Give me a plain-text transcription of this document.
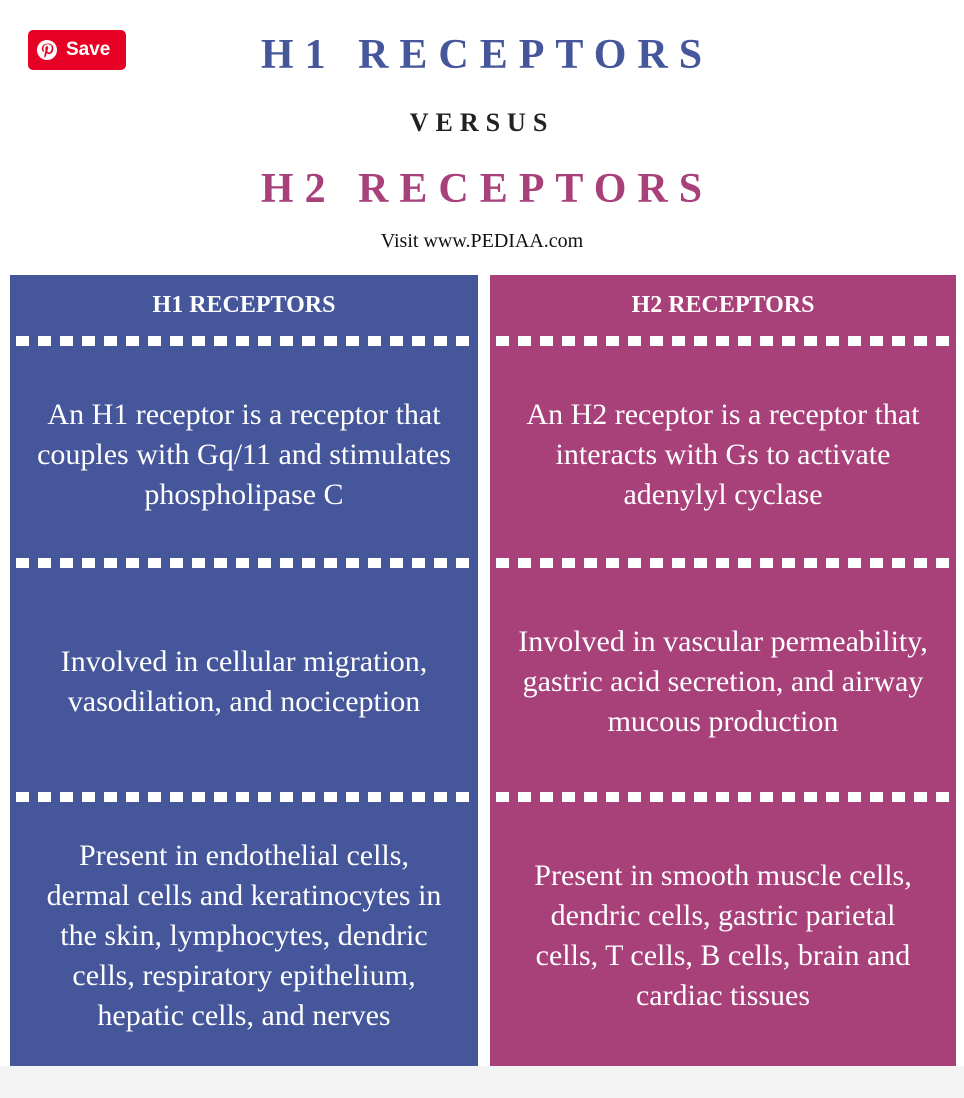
Save	H1 RECEPTORS
VERSUS
H2 RECEPTORS
Visit www.PEDIAA.com
H1 RECEPTORS
An H1 receptor is a receptor that couples with Gq/11 and stimulates phospholipase C
Involved in cellular migration, vasodilation, and nociception
Present in endothelial cells, dermal cells and keratinocytes in the skin, lymphocytes, dendric cells, respiratory epithelium, hepatic cells, and nerves
H2 RECEPTORS
An H2 receptor is a receptor that interacts with Gs to activate adenylyl cyclase
Involved in vascular permeability, gastric acid secretion, and airway mucous production
Present in smooth muscle cells, dendric cells, gastric parietal cells, T cells, B cells, brain and cardiac tissues
